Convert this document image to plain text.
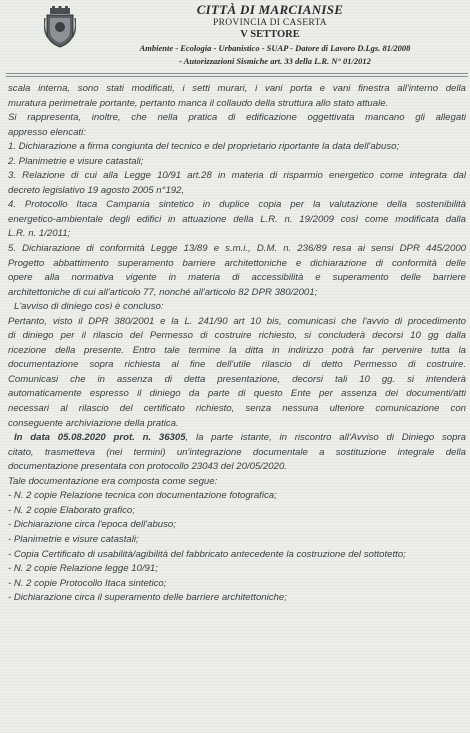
CITTÀ DI MARCIANISE
PROVINCIA DI CASERTA
V SETTORE
Ambiente - Ecologia - Urbanistico - SUAP - Datore di Lavoro D.Lgs. 81/2008
- Autorizzazioni Sismiche art. 33 della L.R. N° 01/2012

scala interna, sono stati modificati, i setti murari, i vani porta e vani finestra all'interno della

muratura perimetrale portante, pertanto manca il collaudo della struttura allo stato attuale.

Si rappresenta, inoltre, che nella pratica di edificazione oggettivata mancano gli allegati

appresso elencati:

1. Dichiarazione a firma congiunta del tecnico e del proprietario riportante la data dell'abuso;

2. Planimetrie e visure catastali;

3. Relazione di cui alla Legge 10/91 art.28 in materia di risparmio energetico come integrata dal

decreto legislativo 19 agosto 2005 n°192,

4. Protocollo Itaca Campania sintetico in duplice copia per la valutazione della sostenibilità

energetico-ambientale degli edifici in attuazione della L.R. n. 19/2009 così come modificata dalla

L.R. n. 1/2011;

5. Dichiarazione di conformità Legge 13/89 e s.m.i., D.M. n. 236/89 resa ai sensi DPR 445/2000

Progetto abbattimento superamento barriere architettoniche e dichiarazione di conformità delle

opere alla normativa vigente in materia di accessibilità e superamento delle barriere

architettoniche di cui all'articolo 77, nonché all'articolo 82 DPR 380/2001;

L'avviso di diniego così è concluso:

Pertanto, visto il DPR 380/2001 e la L. 241/90 art 10 bis, comunicasi che l'avvio di procedimento

di diniego per il rilascio del Permesso di costruire richiesto, si concluderà decorsi 10 gg dalla

ricezione della presente. Entro tale termine la ditta in indirizzo potrà far pervenire tutta la

documentazione sopra richiesta al fine dell'utile rilascio di detto Permesso di costruire.

Comunicasi che in assenza di detta presentazione, decorsi tali 10 gg. si intenderà

automaticamente espresso il diniego da parte di questo Ente per assenza dei documenti/atti

necessari al rilascio del certificato richiesto, senza nessuna ulteriore comunicazione con

conseguente archiviazione della pratica.

In data 05.08.2020 prot. n. 36305, la parte istante, in riscontro all'Avviso di Diniego sopra

citato, trasmetteva (nei termini) un'integrazione documentale a sostituzione integrale della

documentazione presentata con protocollo 23043 del 20/05/2020.

Tale documentazione era composta come segue:

- N. 2 copie Relazione tecnica con documentazione fotografica;

- N. 2 copie Elaborato grafico;

- Dichiarazione circa l'epoca dell'abuso;

- Planimetrie e visure catastali;

- Copia Certificato di usabilità/agibilità del fabbricato antecedente la costruzione del sottotetto;

- N. 2 copie Relazione legge 10/91;

- N. 2 copie Protocollo Itaca sintetico;

- Dichiarazione circa il superamento delle barriere architettoniche;
